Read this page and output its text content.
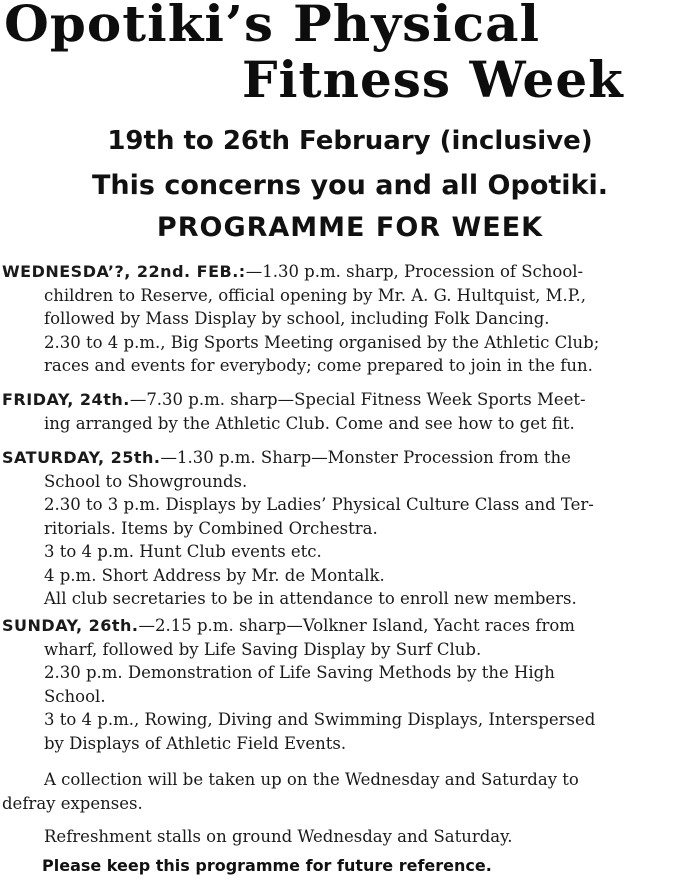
Opotiki’s Physical
Fitness Week
19th to 26th February (inclusive)
This concerns you and all Opotiki.
PROGRAMME FOR WEEK
WEDNESDA’?, 22nd. FEB.:—1.30 p.m. sharp, Procession of School-
children to Reserve, official opening by Mr. A. G. Hultquist, M.P.,
followed by Mass Display by school, including Folk Dancing.
2.30 to 4 p.m., Big Sports Meeting organised by the Athletic Club;
races and events for everybody; come prepared to join in the fun.
FRIDAY, 24th.—7.30 p.m. sharp—Special Fitness Week Sports Meet-
ing arranged by the Athletic Club. Come and see how to get fit.
SATURDAY, 25th.—1.30 p.m. Sharp—Monster Procession from the
School to Showgrounds.
2.30 to 3 p.m. Displays by Ladies’ Physical Culture Class and Ter-
ritorials. Items by Combined Orchestra.
3 to 4 p.m. Hunt Club events etc.
4 p.m. Short Address by Mr. de Montalk.
All club secretaries to be in attendance to enroll new members.
SUNDAY, 26th.—2.15 p.m. sharp—Volkner Island, Yacht races from
wharf, followed by Life Saving Display by Surf Club.
2.30 p.m. Demonstration of Life Saving Methods by the High
School.
3 to 4 p.m., Rowing, Diving and Swimming Displays, Interspersed
by Displays of Athletic Field Events.
A collection will be taken up on the Wednesday and Saturday to
defray expenses.
Refreshment stalls on ground Wednesday and Saturday.
Please keep this programme for future reference.
